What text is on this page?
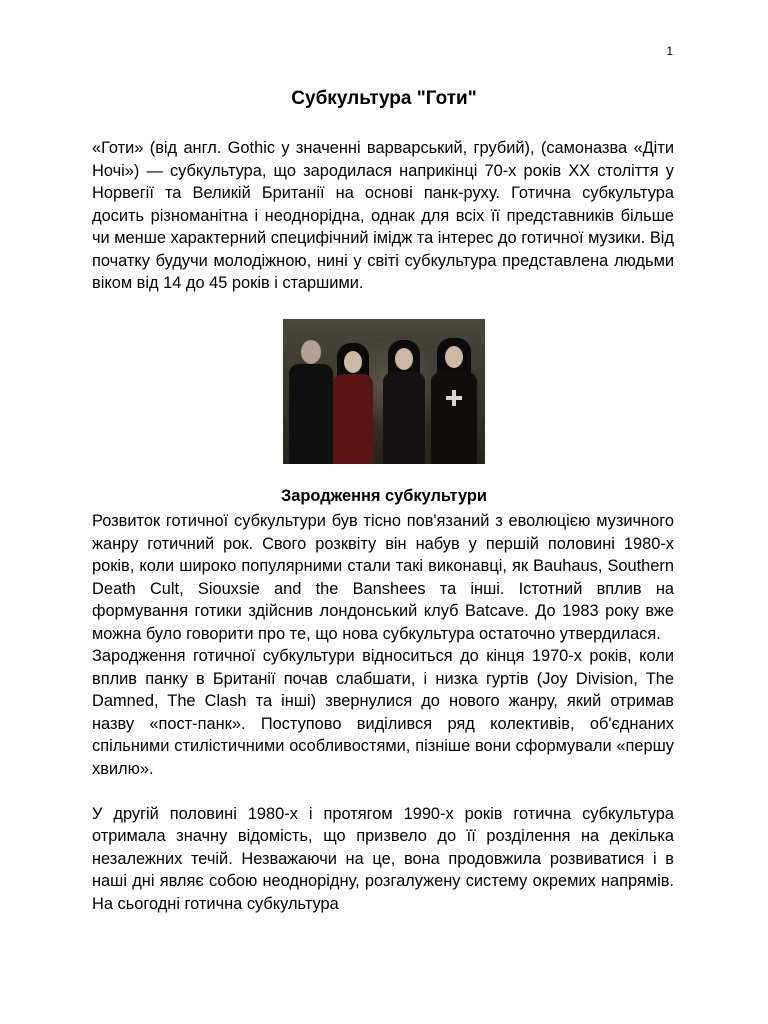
1
Субкультура "Готи"

«Готи» (від англ. Gothic у значенні варварський, грубий), (самоназва «Діти Ночі») — субкультура, що зародилася наприкінці 70-х років XX століття у Норвегії та Великій Британії на основі панк-руху. Готична субкультура досить різноманітна і неоднорідна, однак для всіх її представників більше чи менше характерний специфічний імідж та інтерес до готичної музики. Від початку будучи молодіжною, нині у світі субкультура представлена людьми віком від 14 до 45 років і старшими.

Зародження субкультури

Розвиток готичної субкультури був тісно пов'язаний з еволюцією музичного жанру готичний рок. Свого розквіту він набув у першій половині 1980-х років, коли широко популярними стали такі виконавці, як Bauhaus, Southern Death Cult, Siouxsie and the Banshees та інші. Істотний вплив на формування готики здійснив лондонський клуб Batcave. До 1983 року вже можна було говорити про те, що нова субкультура остаточно утвердилася.

Зародження готичної субкультури відноситься до кінця 1970-х років, коли вплив панку в Британії почав слабшати, і низка гуртів (Joy Division, The Damned, The Clash та інші) звернулися до нового жанру, який отримав назву «пост-панк». Поступово виділився ряд колективів, об'єднаних спільними стилістичними особливостями, пізніше вони сформували «першу хвилю».

У другій половині 1980-х і протягом 1990-х років готична субкультура отримала значну відомість, що призвело до її розділення на декілька незалежних течій. Незважаючи на це, вона продовжила розвиватися і в наші дні являє собою неоднорідну, розгалужену систему окремих напрямів. На сьогодні готична субкультура
